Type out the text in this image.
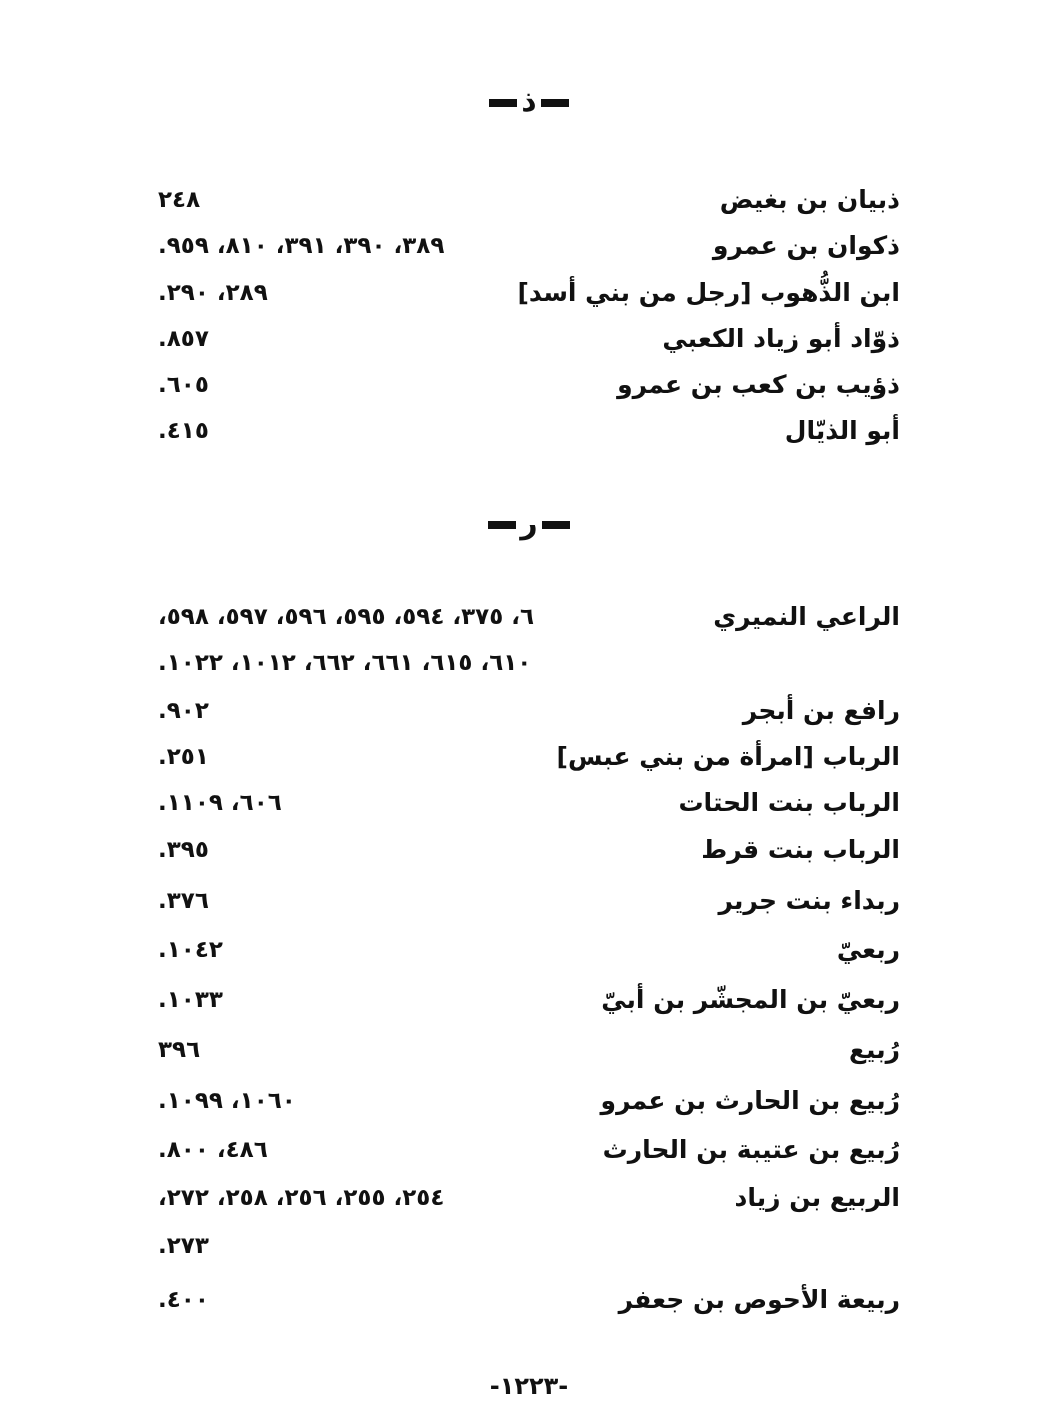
ذ
ذبيان بن بغيض
٢٤٨
ذكوان بن عمرو
٣٨٩، ٣٩٠، ٣٩١، ٨١٠، ٩٥٩.
ابن الذُّهوب [رجل من بني أسد]
٢٨٩، ٢٩٠.
ذوّاد أبو زياد الكعبي
٨٥٧.
ذؤيب بن كعب بن عمرو
٦٠٥.
أبو الذيّال
٤١٥.
ر
الراعي النميري
٦، ٣٧٥، ٥٩٤، ٥٩٥، ٥٩٦، ٥٩٧، ٥٩٨،
٦١٠، ٦١٥، ٦٦١، ٦٦٢، ١٠١٢، ١٠٢٢.
رافع بن أبجر
٩٠٢.
الرباب [امرأة من بني عبس]
٢٥١.
الرباب بنت الحتات
٦٠٦، ١١٠٩.
الرباب بنت قرط
٣٩٥.
ربداء بنت جرير
٣٧٦.
ربعيّ
١٠٤٢.
ربعيّ بن المجشّر بن أبيّ
١٠٣٣.
رُبيع
٣٩٦
رُبيع بن الحارث بن عمرو
١٠٦٠، ١٠٩٩.
رُبيع بن عتيبة بن الحارث
٤٨٦، ٨٠٠.
الربيع بن زياد
٢٥٤، ٢٥٥، ٢٥٦، ٢٥٨، ٢٧٢،
٢٧٣.
ربيعة الأحوص بن جعفر
٤٠٠.
-١٢٢٣-
